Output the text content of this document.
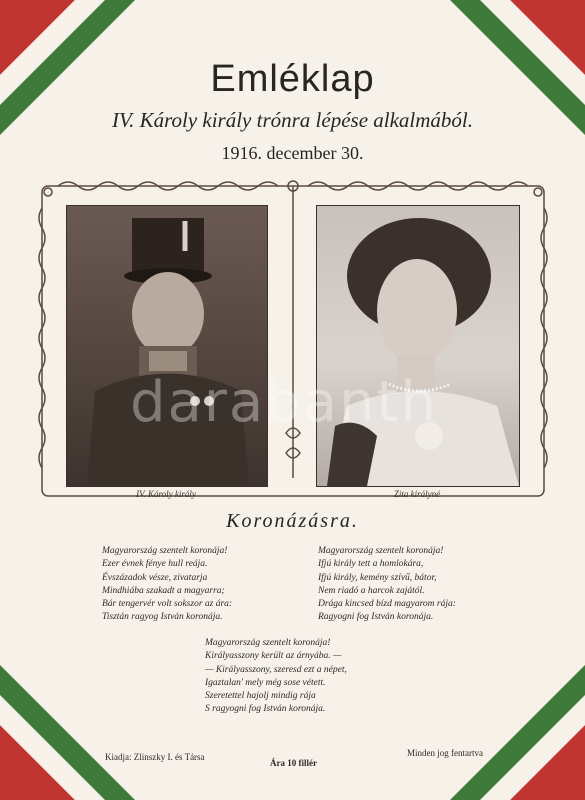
Emléklap
IV. Károly király trónra lépése alkalmából.
1916. december 30.
darabanth
IV. Károly király	Zita királyné
Koronázásra.
Magyarország szentelt koronája!
Ezer évnek fénye hull reája.
Évszázadok vésze, zivatarja
Mindhiába szakadt a magyarra;
Bár tengervér volt sokszor az ára:
Tisztán ragyog István koronája.
Magyarország szentelt koronája!
Ifjú király tett a homlokára,
Ifjú király, kemény szívű, bátor,
Nem riadó a harcok zajától.
Drága kincsed bízd magyarom rája:
Ragyogni fog István koronája.
Magyarország szentelt koronája!
Királyasszony került az árnyába. —
— Királyasszony, szeresd ezt a népet,
Igaztalan' mely még sose vétett.
Szeretettel hajolj mindig rája
S ragyogni fog István koronája.
Kiadja: Zlinszky I. és Társa
Ára 10 fillér
Minden jog fentartva
